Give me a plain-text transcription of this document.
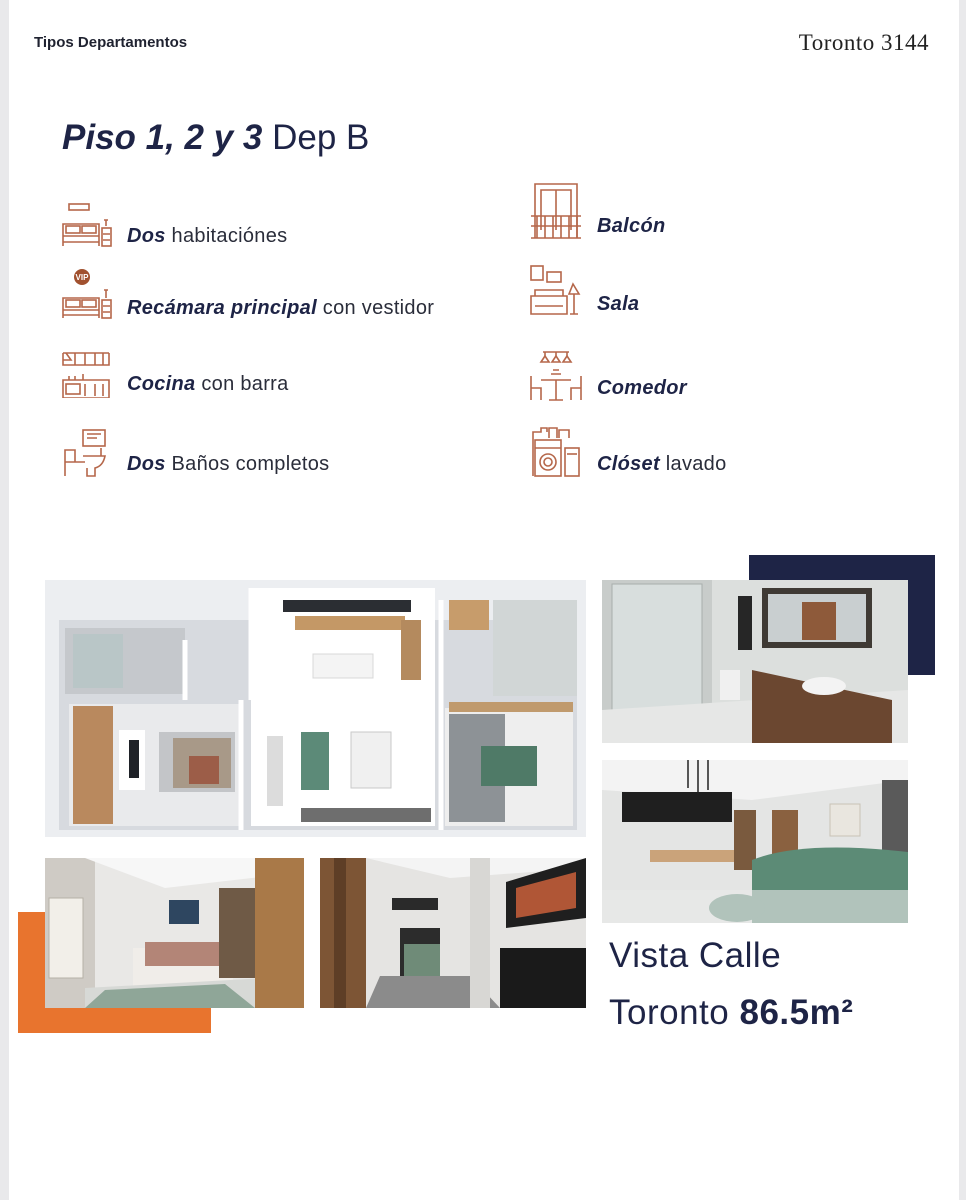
Tipos Departamentos	Toronto 3144
Piso 1, 2 y 3 Dep B
Dos habitaciónes
VIP
Recámara principal con vestidor
Cocina con barra
Dos Baños completos
Balcón
Sala
Comedor
Clóset lavado
Vista Calle
Toronto 86.5m²
